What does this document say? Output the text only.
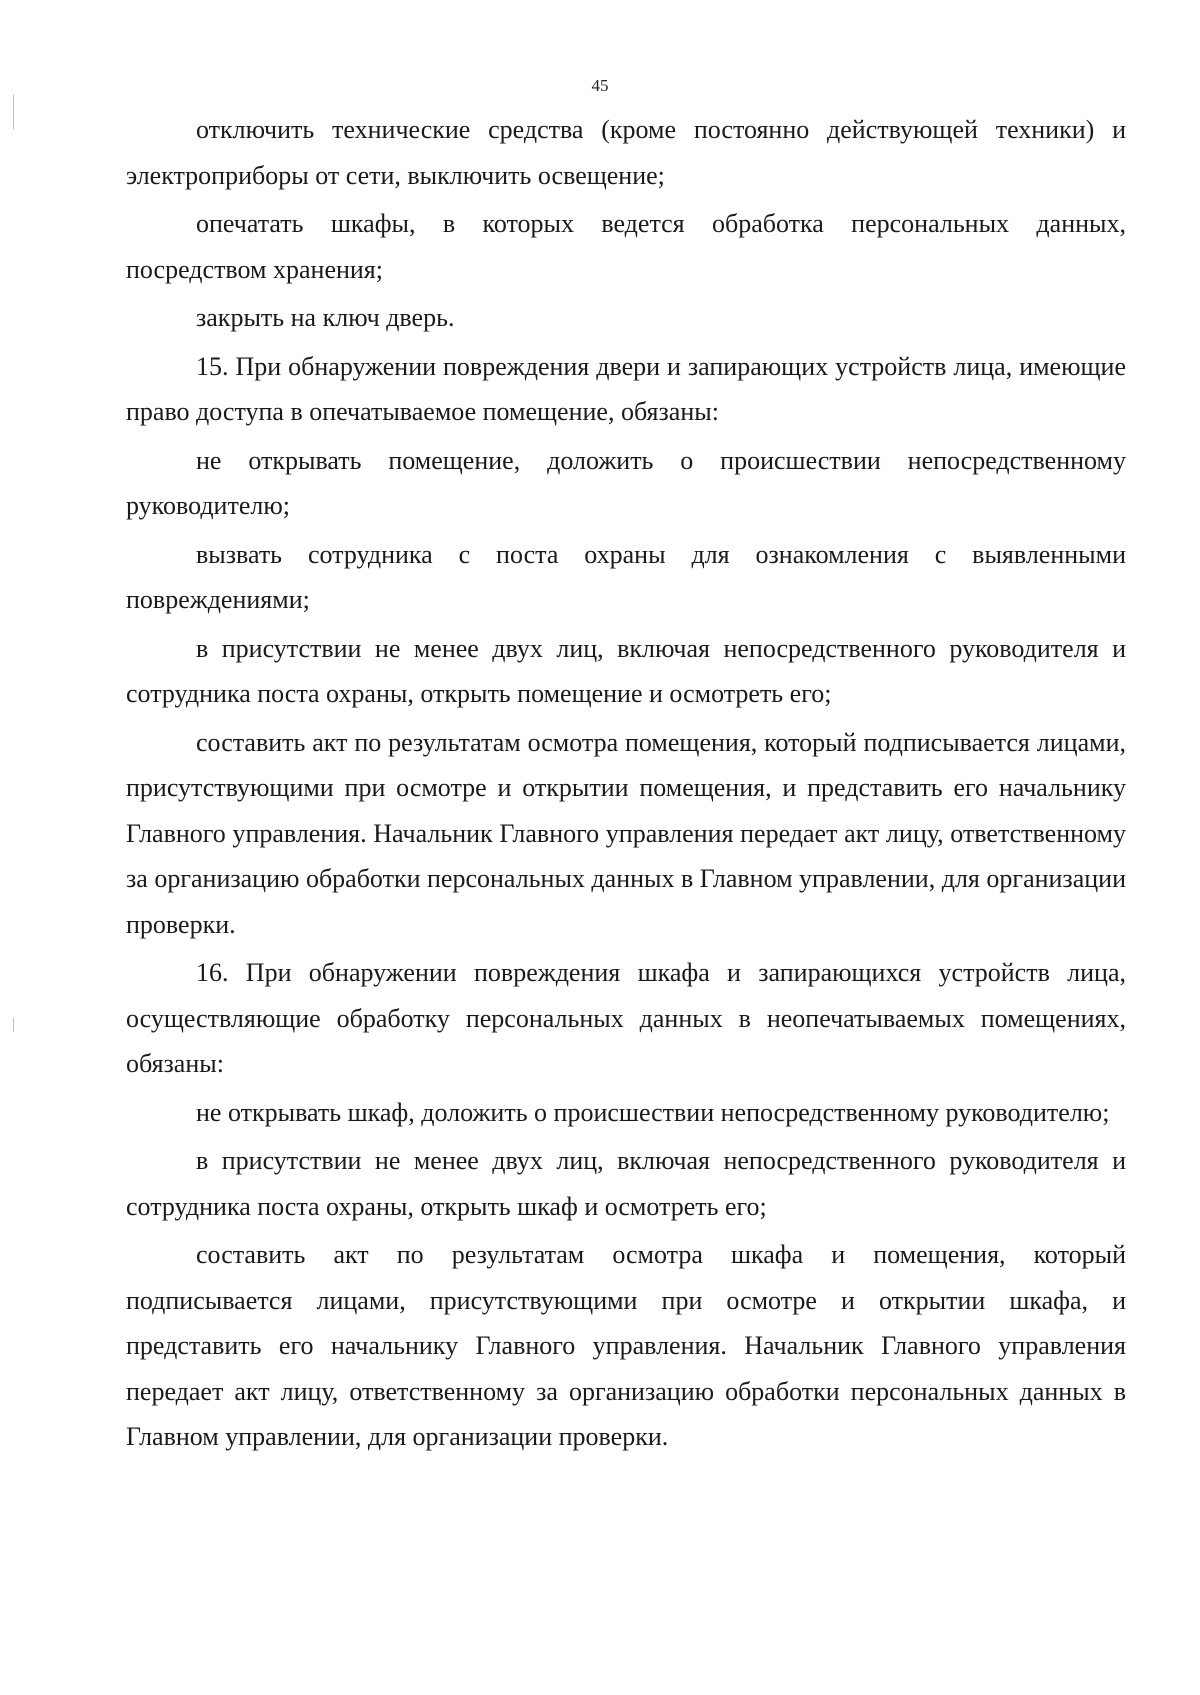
45

отключить технические средства (кроме постоянно действующей техники) и электроприборы от сети, выключить освещение;

опечатать шкафы, в которых ведется обработка персональных данных, посредством хранения;

закрыть на ключ дверь.

15. При обнаружении повреждения двери и запирающих устройств лица, имеющие право доступа в опечатываемое помещение, обязаны:

не открывать помещение, доложить о происшествии непосредственному руководителю;

вызвать сотрудника с поста охраны для ознакомления с выявленными повреждениями;

в присутствии не менее двух лиц, включая непосредственного руководителя и сотрудника поста охраны, открыть помещение и осмотреть его;

составить акт по результатам осмотра помещения, который подписывается лицами, присутствующими при осмотре и открытии помещения, и представить его начальнику Главного управления. Начальник Главного управления передает акт лицу, ответственному за организацию обработки персональных данных в Главном управлении, для организации проверки.

16. При обнаружении повреждения шкафа и запирающихся устройств лица, осуществляющие обработку персональных данных в неопечатываемых помещениях, обязаны:

не открывать шкаф, доложить о происшествии непосредственному руководителю;

в присутствии не менее двух лиц, включая непосредственного руководителя и сотрудника поста охраны, открыть шкаф и осмотреть его;

составить акт по результатам осмотра шкафа и помещения, который подписывается лицами, присутствующими при осмотре и открытии шкафа, и представить его начальнику Главного управления. Начальник Главного управления передает акт лицу, ответственному за организацию обработки персональных данных в Главном управлении, для организации проверки.
